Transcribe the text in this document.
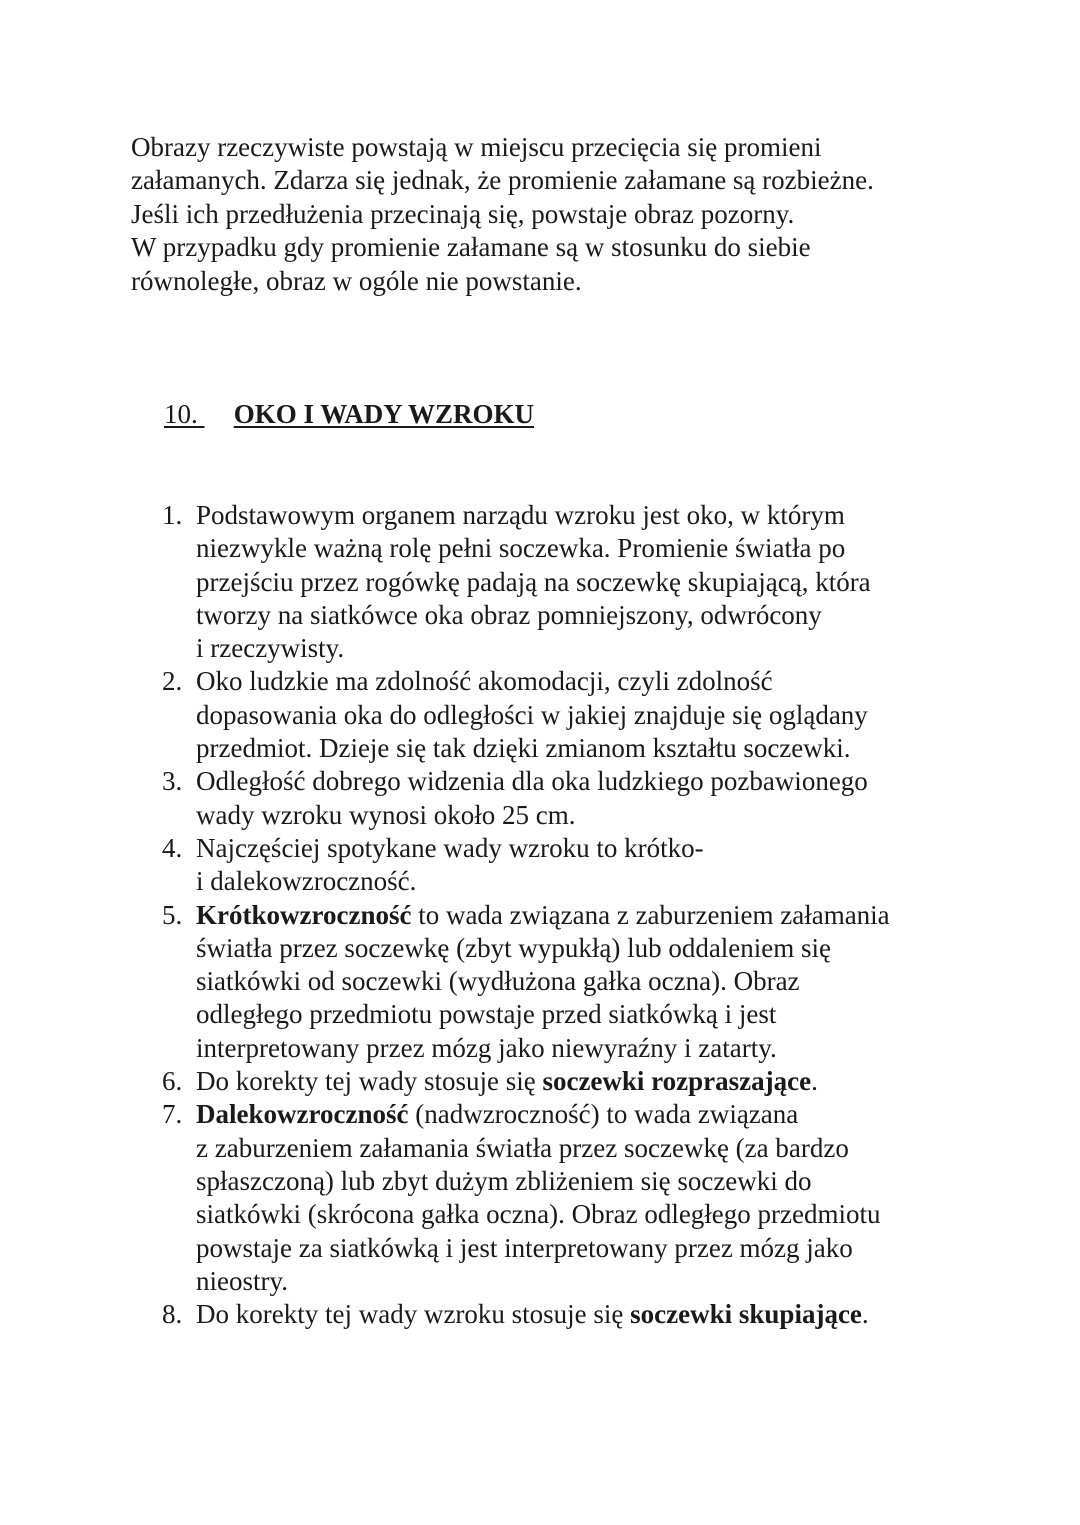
Obrazy rzeczywiste powstają w miejscu przecięcia się promieni
załamanych. Zdarza się jednak, że promienie załamane są rozbieżne.
Jeśli ich przedłużenia przecinają się, powstaje obraz pozorny.
W przypadku gdy promienie załamane są w stosunku do siebie
równoległe, obraz w ogóle nie powstanie.
10. OKO I WADY WZROKU
1. Podstawowym organem narządu wzroku jest oko, w którym
niezwykle ważną rolę pełni soczewka. Promienie światła po
przejściu przez rogówkę padają na soczewkę skupiającą, która
tworzy na siatkówce oka obraz pomniejszony, odwrócony
i rzeczywisty.
2. Oko ludzkie ma zdolność akomodacji, czyli zdolność
dopasowania oka do odległości w jakiej znajduje się oglądany
przedmiot. Dzieje się tak dzięki zmianom kształtu soczewki.
3. Odległość dobrego widzenia dla oka ludzkiego pozbawionego
wady wzroku wynosi około 25 cm.
4. Najczęściej spotykane wady wzroku to krótko-
i dalekowzroczność.
5. Krótkowzroczność to wada związana z zaburzeniem załamania
światła przez soczewkę (zbyt wypukłą) lub oddaleniem się
siatkówki od soczewki (wydłużona gałka oczna). Obraz
odległego przedmiotu powstaje przed siatkówką i jest
interpretowany przez mózg jako niewyraźny i zatarty.
6. Do korekty tej wady stosuje się soczewki rozpraszające.
7. Dalekowzroczność (nadwzroczność) to wada związana
z zaburzeniem załamania światła przez soczewkę (za bardzo
spłaszczoną) lub zbyt dużym zbliżeniem się soczewki do
siatkówki (skrócona gałka oczna). Obraz odległego przedmiotu
powstaje za siatkówką i jest interpretowany przez mózg jako
nieostry.
8. Do korekty tej wady wzroku stosuje się soczewki skupiające.
